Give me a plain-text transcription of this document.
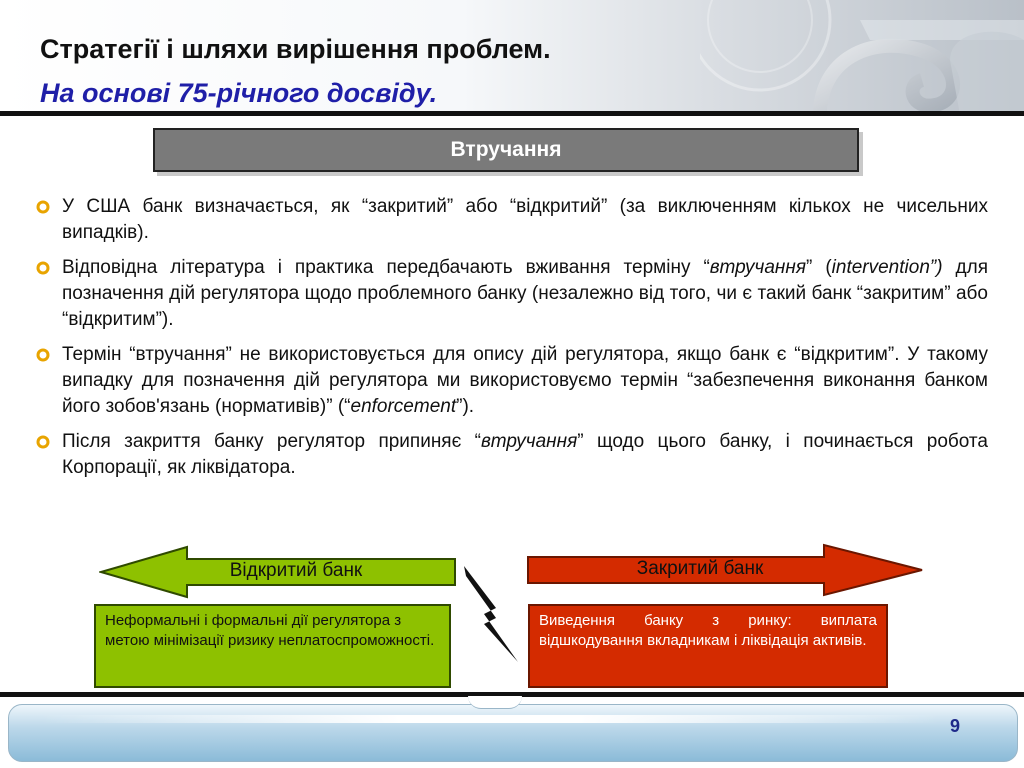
Стратегії і шляхи вирішення проблем.
На основі 75-річного досвіду.
Втручання
У США банк визначається, як “закритий” або “відкритий” (за виключенням кількох не чисельних випадків).
Відповідна література і практика передбачають вживання терміну “втручання” (intervention”) для позначення дій регулятора щодо проблемного банку (незалежно від того, чи є такий банк “закритим” або “відкритим”).
Термін “втручання” не використовується для опису дій регулятора, якщо банк є “відкритим”. У такому випадку для позначення дій регулятора ми використовуємо термін “забезпечення виконання банком його зобов'язань (нормативів)” (“enforcement”).
Після закриття банку регулятор припиняє “втручання” щодо цього банку, і починається робота Корпорації, як ліквідатора.
Відкритий банк	Закритий банк
Неформальні і формальні дії регулятора з метою мінімізації ризику неплатоспроможності.
Виведення банку з ринку: виплата відшкодування вкладникам і ліквідація активів.
9
